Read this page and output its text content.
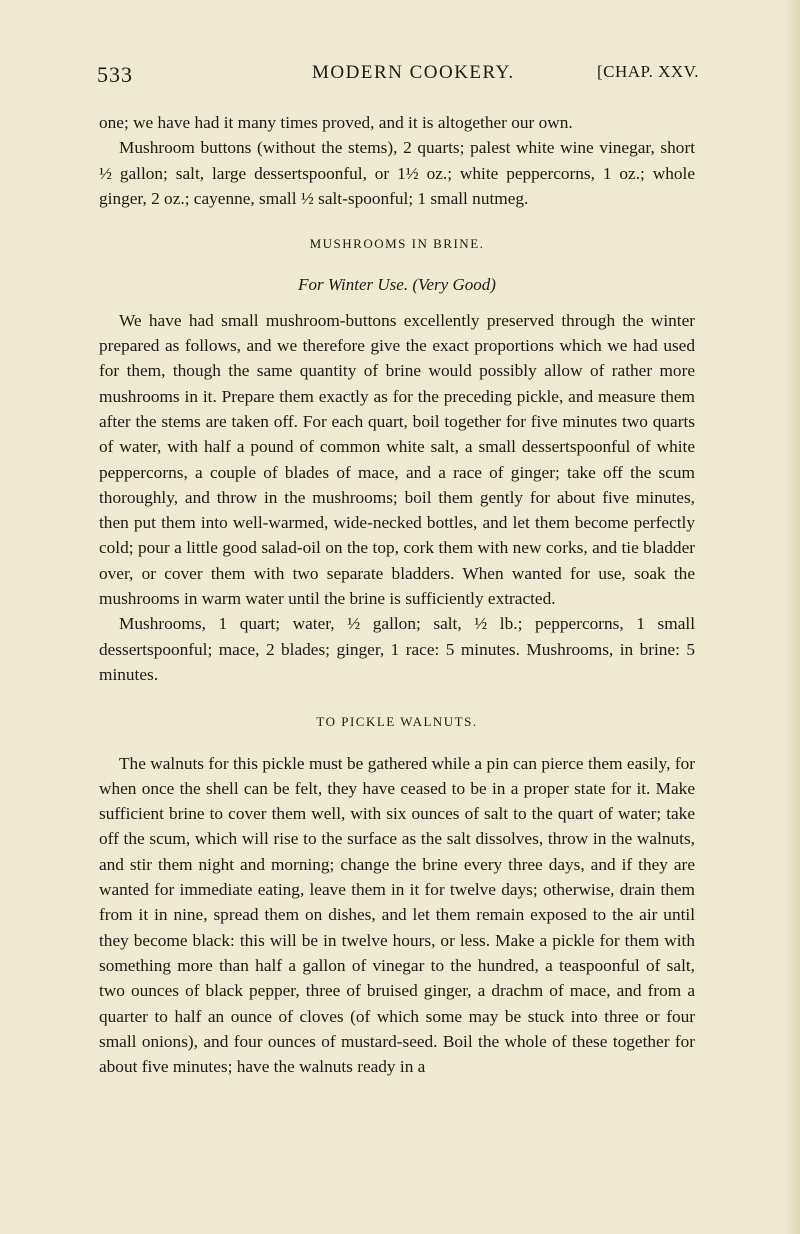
533	MODERN COOKERY.	[CHAP. XXV.

one; we have had it many times proved, and it is altogether our own.

Mushroom buttons (without the stems), 2 quarts; palest white wine vinegar, short ½ gallon; salt, large dessertspoonful, or 1½ oz.; white peppercorns, 1 oz.; whole ginger, 2 oz.; cayenne, small ½ salt-spoonful; 1 small nutmeg.

MUSHROOMS IN BRINE.
For Winter Use. (Very Good)

We have had small mushroom-buttons excellently preserved through the winter prepared as follows, and we therefore give the exact proportions which we had used for them, though the same quantity of brine would possibly allow of rather more mushrooms in it. Prepare them exactly as for the preceding pickle, and measure them after the stems are taken off. For each quart, boil together for five minutes two quarts of water, with half a pound of common white salt, a small dessertspoonful of white peppercorns, a couple of blades of mace, and a race of ginger; take off the scum thoroughly, and throw in the mushrooms; boil them gently for about five minutes, then put them into well-warmed, wide-necked bottles, and let them become perfectly cold; pour a little good salad-oil on the top, cork them with new corks, and tie bladder over, or cover them with two separate bladders. When wanted for use, soak the mushrooms in warm water until the brine is sufficiently extracted.

Mushrooms, 1 quart; water, ½ gallon; salt, ½ lb.; peppercorns, 1 small dessertspoonful; mace, 2 blades; ginger, 1 race: 5 minutes. Mushrooms, in brine: 5 minutes.

TO PICKLE WALNUTS.

The walnuts for this pickle must be gathered while a pin can pierce them easily, for when once the shell can be felt, they have ceased to be in a proper state for it. Make sufficient brine to cover them well, with six ounces of salt to the quart of water; take off the scum, which will rise to the surface as the salt dissolves, throw in the walnuts, and stir them night and morning; change the brine every three days, and if they are wanted for immediate eating, leave them in it for twelve days; otherwise, drain them from it in nine, spread them on dishes, and let them remain exposed to the air until they become black: this will be in twelve hours, or less. Make a pickle for them with something more than half a gallon of vinegar to the hundred, a teaspoonful of salt, two ounces of black pepper, three of bruised ginger, a drachm of mace, and from a quarter to half an ounce of cloves (of which some may be stuck into three or four small onions), and four ounces of mustard-seed. Boil the whole of these together for about five minutes; have the walnuts ready in a
